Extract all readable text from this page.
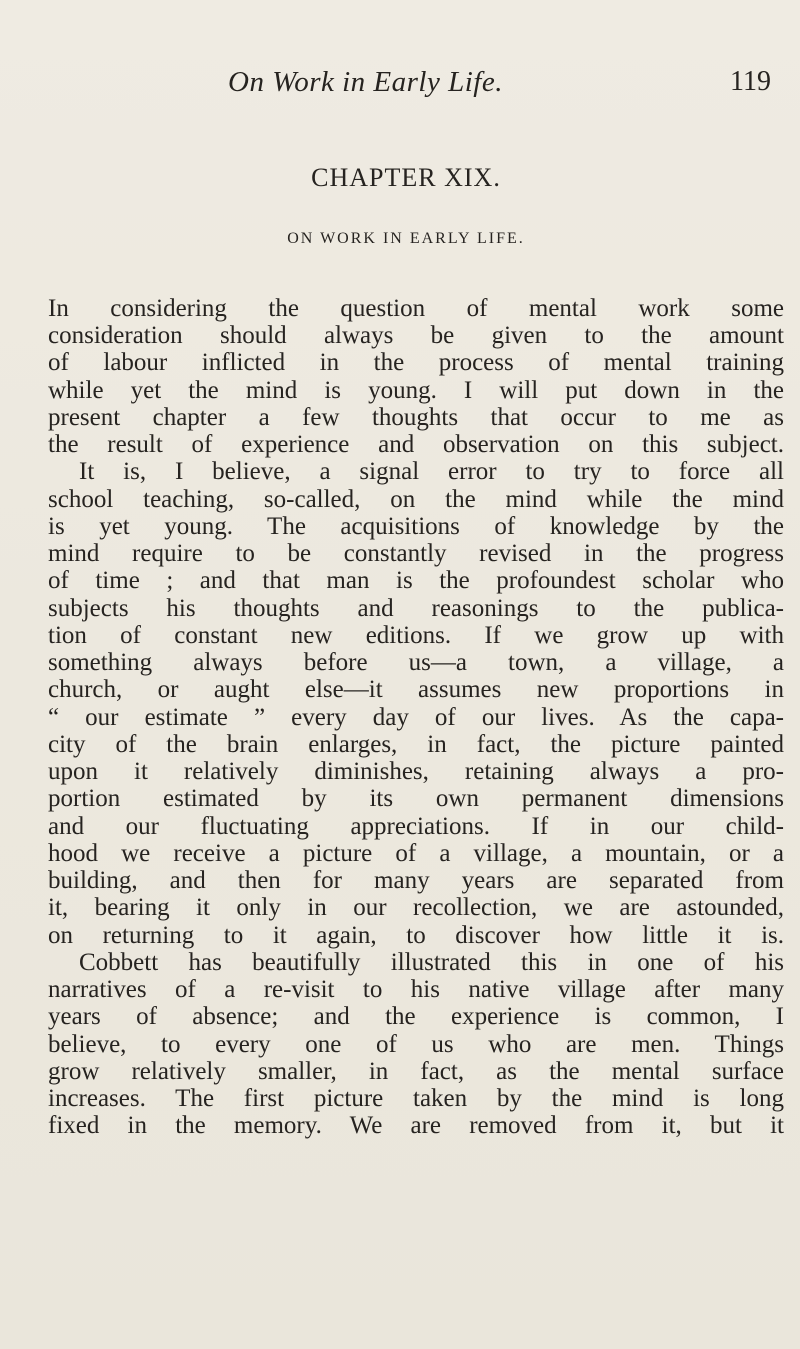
On Work in Early Life.	119
CHAPTER XIX.
ON WORK IN EARLY LIFE.
In considering the question of mental work some
consideration should always be given to the amount
of labour inflicted in the process of mental training
while yet the mind is young. I will put down in the
present chapter a few thoughts that occur to me as
the result of experience and observation on this subject.
It is, I believe, a signal error to try to force all
school teaching, so-called, on the mind while the mind
is yet young. The acquisitions of knowledge by the
mind require to be constantly revised in the progress
of time ; and that man is the profoundest scholar who
subjects his thoughts and reasonings to the publica-
tion of constant new editions. If we grow up with
something always before us—a town, a village, a
church, or aught else—it assumes new proportions in
“ our estimate ” every day of our lives. As the capa-
city of the brain enlarges, in fact, the picture painted
upon it relatively diminishes, retaining always a pro-
portion estimated by its own permanent dimensions
and our fluctuating appreciations. If in our child-
hood we receive a picture of a village, a mountain, or a
building, and then for many years are separated from
it, bearing it only in our recollection, we are astounded,
on returning to it again, to discover how little it is.
Cobbett has beautifully illustrated this in one of his
narratives of a re-visit to his native village after many
years of absence; and the experience is common, I
believe, to every one of us who are men. Things
grow relatively smaller, in fact, as the mental surface
increases. The first picture taken by the mind is long
fixed in the memory. We are removed from it, but it
